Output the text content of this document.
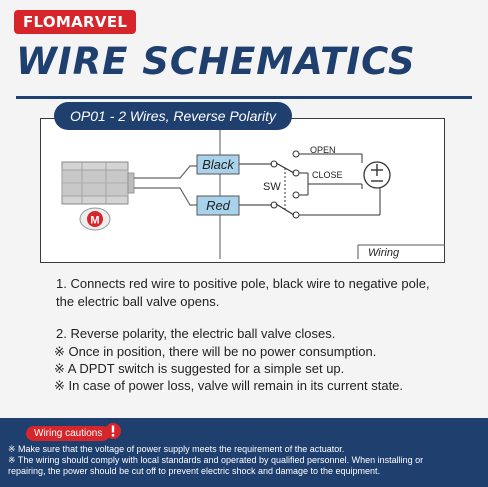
FLOMARVEL
WIRE SCHEMATICS
M
Black
Red
SW
OPEN
CLOSE
Wiring
OP01 - 2 Wires, Reverse Polarity

1. Connects red wire to positive pole, black wire to negative pole, the electric ball valve opens.

2. Reverse polarity, the electric ball valve closes.

※ Once in position, there will be no power consumption.

※ A DPDT switch is suggested for a simple set up.

※ In case of power loss, valve will remain in its current state.

Wiring cautions
※ Make sure that the voltage of power supply meets the requirement of the actuator.
※ The wiring should comply with local standards and operated by qualified personnel. When installing or
repairing, the power should be cut off to prevent electric shock and damage to the equipment.
